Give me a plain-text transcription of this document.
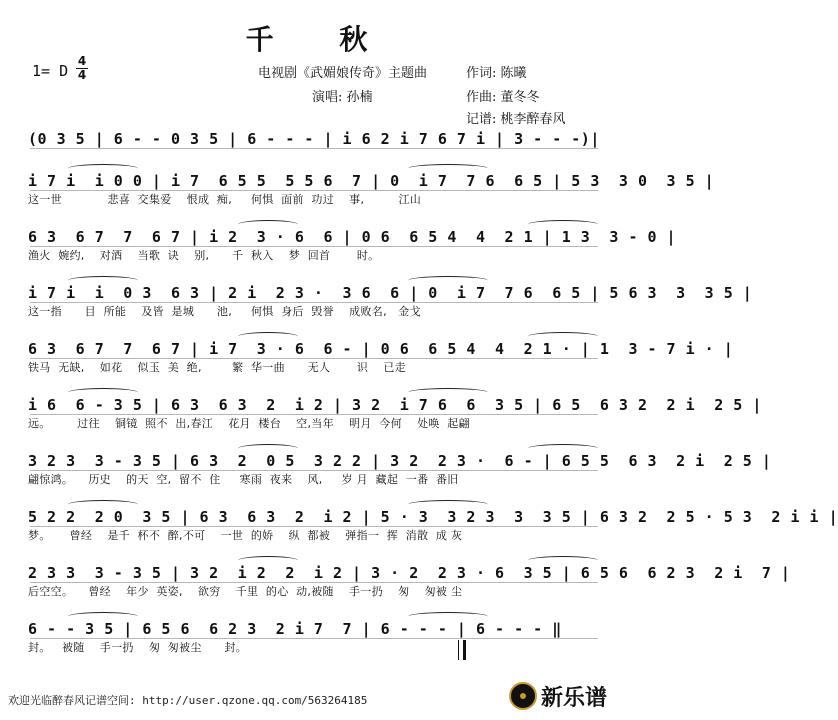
千 秋
1= D
4
4	电视剧《武媚娘传奇》主题曲	作词: 陈曦
演唱: 孙楠	作曲: 董冬冬
记谱: 桃李醉春风
(0 3 5 | 6 - - 0 3 5 | 6 - - - | i 6 2 i 7 6 7 i | 3 - - -)|
i 7 i  i 0 0 | i 7  6 5 5  5 5 6  7 | 0  i 7  7 6  6 5 | 5 3  3 0  3 5 |
这一世            悲喜  交集爱    恨成  痴,     何惧  面前  功过    事,         江山
6 3  6 7  7  6 7 | i 2  3 · 6  6 | 0 6  6 5 4  4  2 1 | 1 3  3 - 0 |
渔火  婉约,    对酒    当歌  诀    别,      千  秋入    梦  回首       时。
i 7 i  i  0 3  6 3 | 2 i  2 3 ·  3 6  6 | 0  i 7  7 6  6 5 | 5 6 3  3  3 5 |
这一指      目  所能    及皆  是城      池,     何惧  身后  毁誉    成败名,   金戈
6 3  6 7  7  6 7 | i 7  3 · 6  6 - | 0 6  6 5 4  4  2 1 · | 1  3 - 7 i · |
铁马  无缺,    如花    似玉  美  绝,        繁  华一曲      无人       识    已走
i 6  6 - 3 5 | 6 3  6 3  2  i 2 | 3 2  i 7 6  6  3 5 | 6 5  6 3 2  2 i  2 5 |
远。       过往    铜镜  照不  出,春江    花月  楼台    空,当年    明月  今何    处唤  起翩
3 2 3  3 - 3 5 | 6 3  2  0 5  3 2 2 | 3 2  2 3 ·  6 - | 6 5 5  6 3  2 i  2 5 |
翩惊鸿。    历史    的天  空,  留不  住     寒雨  夜来    风,     岁 月  藏起  一番  番旧
5 2 2  2 0  3 5 | 6 3  6 3  2  i 2 | 5 · 3  3 2 3  3  3 5 | 6 3 2  2 5 · 5 3  2 i i |
梦。     曾经    是千  杯不  醉,不可    一世  的娇    纵  都被    弹指一  挥  消散  成 灰
2 3 3  3 - 3 5 | 3 2  i 2  2  i 2 | 3 · 2  2 3 · 6  3 5 | 6 5 6  6 2 3  2 i  7 |
后空空。    曾经    年少  英姿,    欲穷    千里  的心  动,被随    手一扔    匆    匆被 尘
6 - - 3 5 | 6 5 6  6 2 3  2 i 7  7 | 6 - - - | 6 - - - ‖
封。   被随    手一扔    匆  匆被尘      封。
欢迎光临醉春风记谱空间: http://user.qzone.qq.com/563264185	新乐谱
